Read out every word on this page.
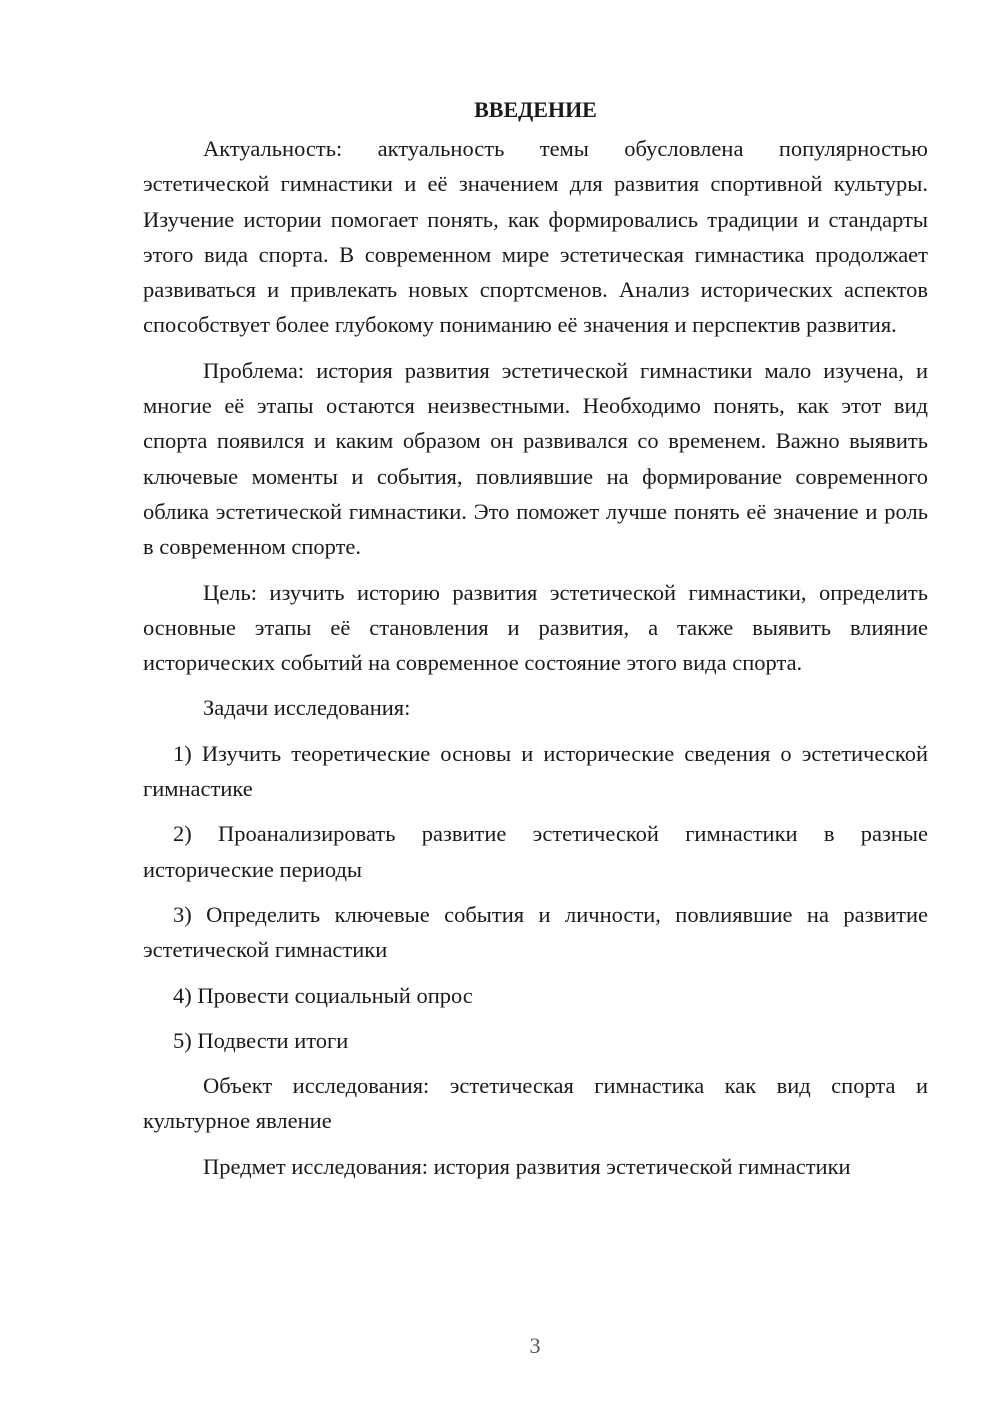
ВВЕДЕНИЕ

Актуальность: актуальность темы обусловлена популярностью эстетической гимнастики и её значением для развития спортивной культуры. Изучение истории помогает понять, как формировались традиции и стандарты этого вида спорта. В современном мире эстетическая гимнастика продолжает развиваться и привлекать новых спортсменов. Анализ исторических аспектов способствует более глубокому пониманию её значения и перспектив развития.

Проблема: история развития эстетической гимнастики мало изучена, и многие её этапы остаются неизвестными. Необходимо понять, как этот вид спорта появился и каким образом он развивался со временем. Важно выявить ключевые моменты и события, повлиявшие на формирование современного облика эстетической гимнастики. Это поможет лучше понять её значение и роль в современном спорте.

Цель: изучить историю развития эстетической гимнастики, определить основные этапы её становления и развития, а также выявить влияние исторических событий на современное состояние этого вида спорта.

Задачи исследования:

1) Изучить теоретические основы и исторические сведения о эстетической гимнастике

2) Проанализировать развитие эстетической гимнастики в разные исторические периоды

3) Определить ключевые события и личности, повлиявшие на развитие эстетической гимнастики

4) Провести социальный опрос

5) Подвести итоги

Объект исследования: эстетическая гимнастика как вид спорта и культурное явление

Предмет исследования: история развития эстетической гимнастики

3
